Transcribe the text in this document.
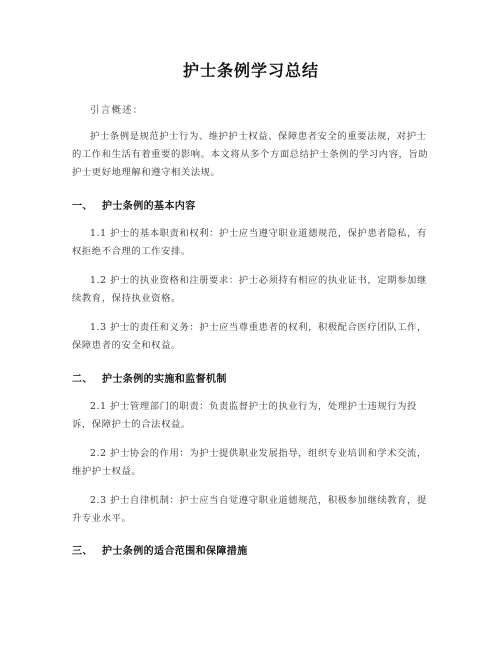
护士条例学习总结
引言概述：
护士条例是规范护士行为、维护护士权益、保障患者安全的重要法规，对护士
的工作和生活有着重要的影响。本文将从多个方面总结护士条例的学习内容，旨助
护士更好地理解和遵守相关法规。
一、 护士条例的基本内容
1.1 护士的基本职责和权利：护士应当遵守职业道德规范，保护患者隐私，有
权拒绝不合理的工作安排。
1.2 护士的执业资格和注册要求：护士必须持有相应的执业证书，定期参加继
续教育，保持执业资格。
1.3 护士的责任和义务：护士应当尊重患者的权利，积极配合医疗团队工作，
保障患者的安全和权益。
二、 护士条例的实施和监督机制
2.1 护士管理部门的职责：负责监督护士的执业行为，处理护士违规行为投
诉，保障护士的合法权益。
2.2 护士协会的作用：为护士提供职业发展指导，组织专业培训和学术交流，
维护护士权益。
2.3 护士自律机制：护士应当自觉遵守职业道德规范，积极参加继续教育，提
升专业水平。
三、 护士条例的适合范围和保障措施
